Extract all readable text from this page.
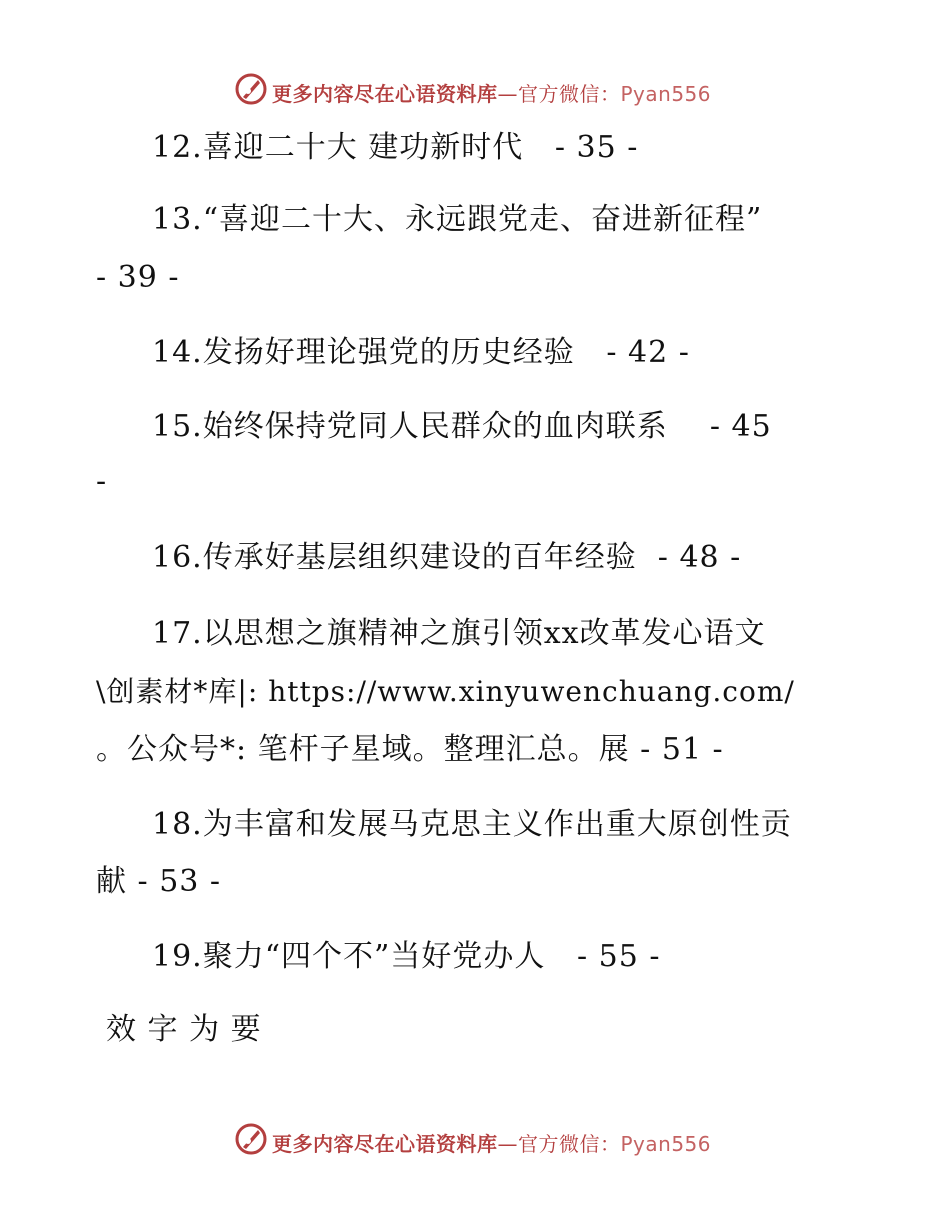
更多内容尽在心语资料库—官方微信：Pyan556
12.喜迎二十大 建功新时代   - 35 -
13.“喜迎二十大、永远跟党走、奋进新征程”
- 39 -
14.发扬好理论强党的历史经验   - 42 -
15.始终保持党同人民群众的血肉联系    - 45
-
16.传承好基层组织建设的百年经验  - 48 -
17.以思想之旗精神之旗引领xx改革发心语文
\创素材*库|: https://www.xinyuwenchuang.com/
。公众号*: 笔杆子星域。整理汇总。展 - 51 -
18.为丰富和发展马克思主义作出重大原创性贡
献 - 53 -
19.聚力“四个不”当好党办人   - 55 -
效 字 为 要
更多内容尽在心语资料库—官方微信：Pyan556
